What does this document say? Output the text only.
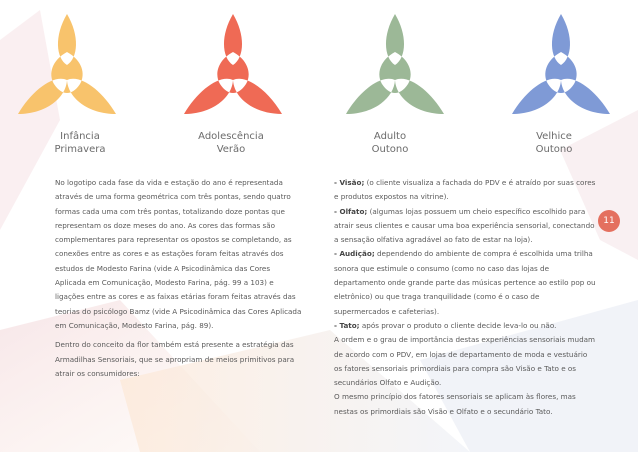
Infância
Primavera
Adolescência
Verão
Adulto
Outono
Velhice
Outono

No logotipo cada fase da vida e estação do ano é representada através de uma forma geométrica com três pontas, sendo quatro formas cada uma com três pontas, totalizando doze pontas que representam os doze meses do ano. As cores das formas são complementares para representar os opostos se completando, as conexões entre as cores e as estações foram feitas através dos estudos de Modesto Farina (vide A Psicodinâmica das Cores Aplicada em Comunicação, Modesto Farina, pág. 99 a 103) e ligações entre as cores e as faixas etárias foram feitas através das teorias do psicólogo Bamz (vide A Psicodinâmica das Cores Aplicada em Comunicação, Modesto Farina, pág. 89).

Dentro do conceito da flor também está presente a estratégia das Armadilhas Sensoriais, que se apropriam de meios primitivos para atrair os consumidores:

- Visão; (o cliente visualiza a fachada do PDV e é atraído por suas cores e produtos expostos na vitrine).

- Olfato; (algumas lojas possuem um cheio específico escolhido para atrair seus clientes e causar uma boa experiência sensorial, conectando a sensação olfativa agradável ao fato de estar na loja).

- Audição; dependendo do ambiente de compra é escolhida uma trilha sonora que estimule o consumo (como no caso das lojas de departamento onde grande parte das músicas pertence ao estilo pop ou eletrônico) ou que traga tranquilidade (como é o caso de supermercados e cafeterias).

- Tato; após provar o produto o cliente decide leva-lo ou não.

A ordem e o grau de importância destas experiências sensoriais mudam de acordo com o PDV, em lojas de departamento de moda e vestuário os fatores sensoriais primordiais para compra são Visão e Tato e os secundários Olfato e Audição.

O mesmo princípio dos fatores sensoriais se aplicam às flores, mas nestas os primordiais são Visão e Olfato e o secundário Tato.

11
